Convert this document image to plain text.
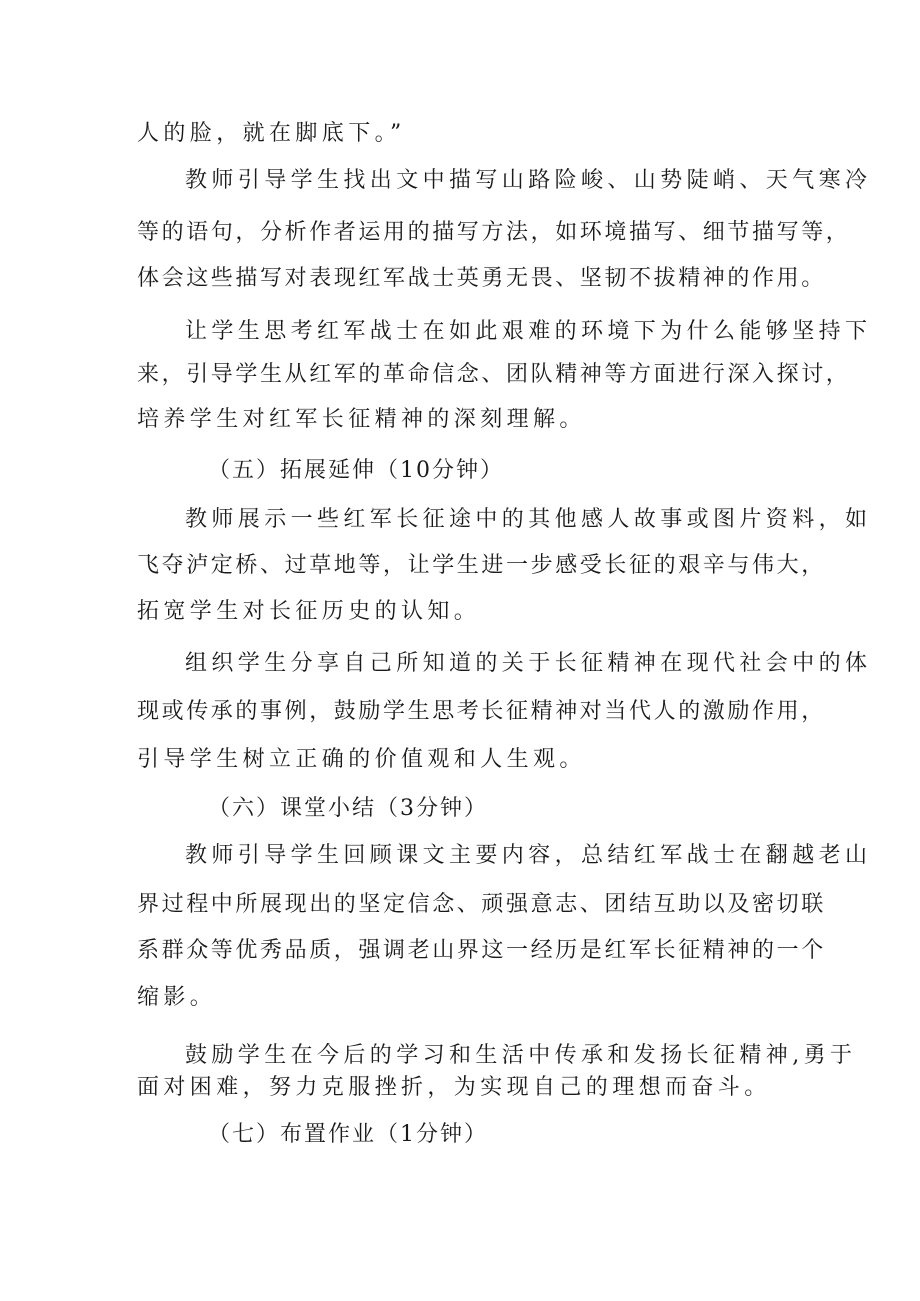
人的脸，就在脚底下。”
教师引导学生找出文中描写山路险峻、山势陡峭、天气寒冷
等的语句，分析作者运用的描写方法，如环境描写、细节描写等，
体会这些描写对表现红军战士英勇无畏、坚韧不拔精神的作用。
让学生思考红军战士在如此艰难的环境下为什么能够坚持下
来，引导学生从红军的革命信念、团队精神等方面进行深入探讨，
培养学生对红军长征精神的深刻理解。
（五）拓展延伸（10分钟）
教师展示一些红军长征途中的其他感人故事或图片资料，如
飞夺泸定桥、过草地等，让学生进一步感受长征的艰辛与伟大，
拓宽学生对长征历史的认知。
组织学生分享自己所知道的关于长征精神在现代社会中的体
现或传承的事例，鼓励学生思考长征精神对当代人的激励作用，
引导学生树立正确的价值观和人生观。
（六）课堂小结（3分钟）
教师引导学生回顾课文主要内容，总结红军战士在翻越老山
界过程中所展现出的坚定信念、顽强意志、团结互助以及密切联
系群众等优秀品质，强调老山界这一经历是红军长征精神的一个
缩影。
鼓励学生在今后的学习和生活中传承和发扬长征精神,勇于
面对困难，努力克服挫折，为实现自己的理想而奋斗。
（七）布置作业（1分钟）
